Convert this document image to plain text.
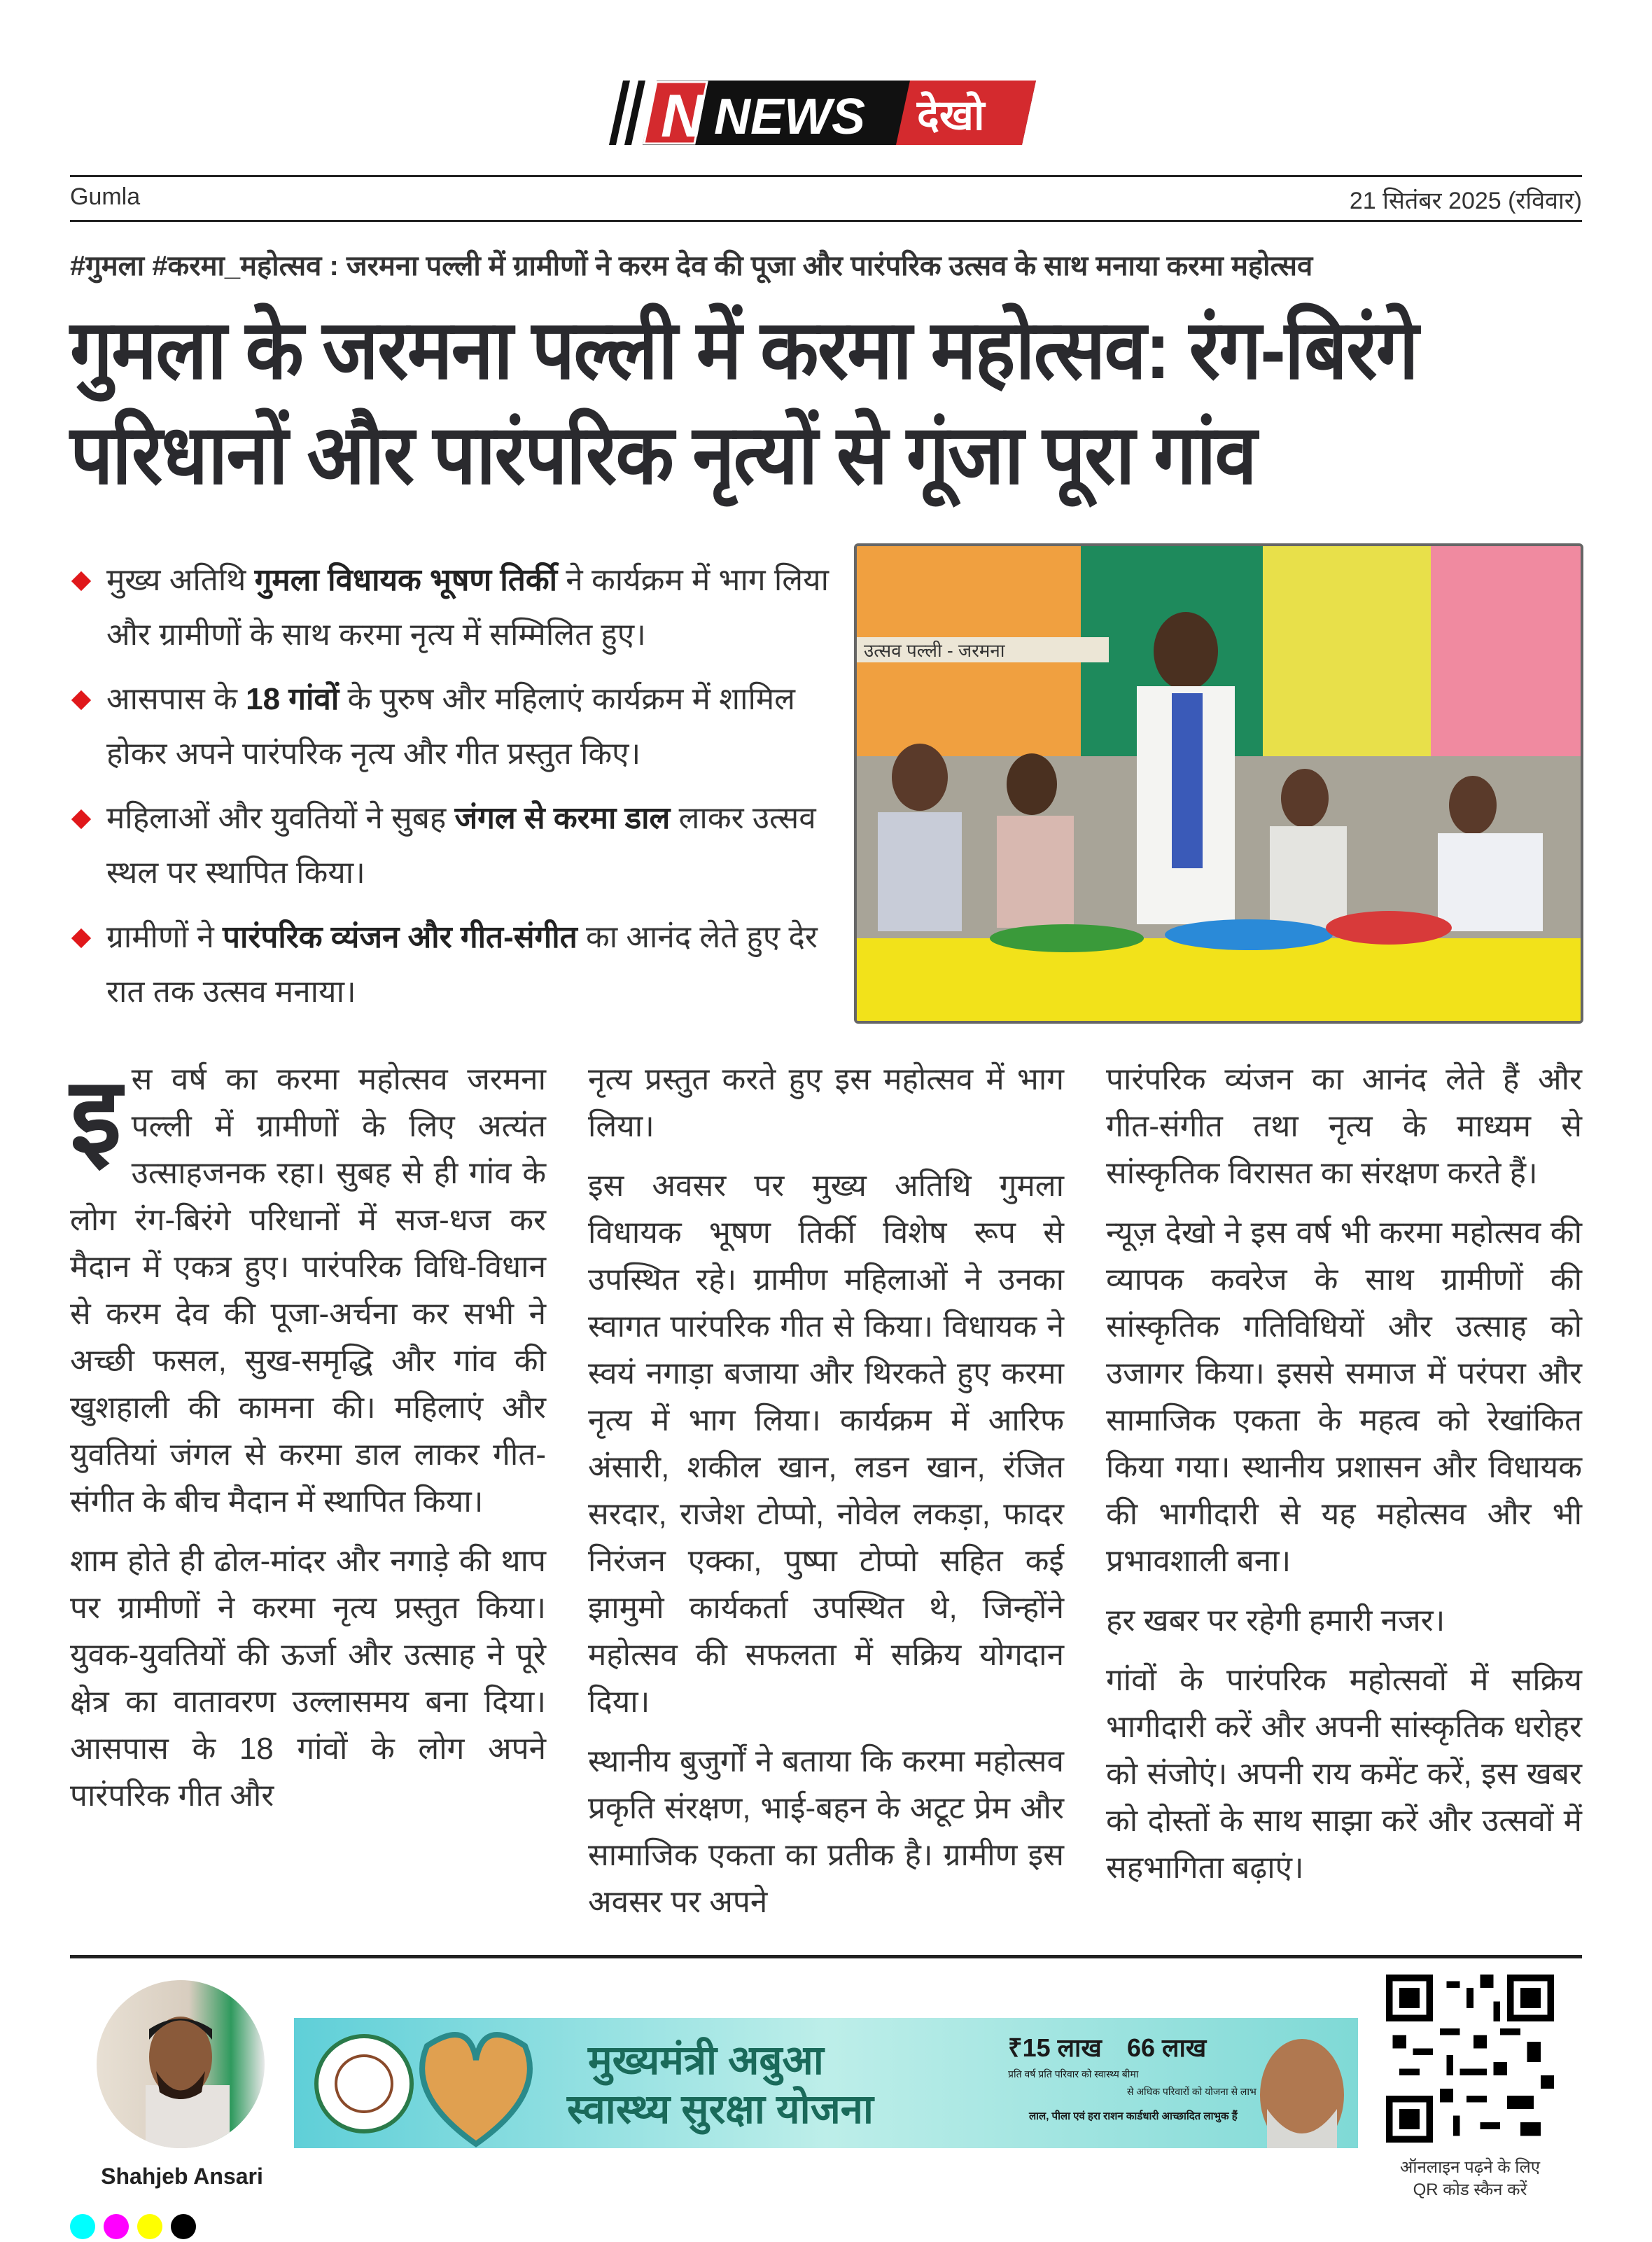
N NEWS देखो
Gumla	21 सितंबर 2025 (रविवार)
#गुमला #करमा_महोत्सव : जरमना पल्ली में ग्रामीणों ने करम देव की पूजा और पारंपरिक उत्सव के साथ मनाया करमा महोत्सव
गुमला के जरमना पल्ली में करमा महोत्सव: रंग-बिरंगे
परिधानों और पारंपरिक नृत्यों से गूंजा पूरा गांव
मुख्य अतिथि गुमला विधायक भूषण तिर्की ने कार्यक्रम में भाग लिया और ग्रामीणों के साथ करमा नृत्य में सम्मिलित हुए।
आसपास के 18 गांवों के पुरुष और महिलाएं कार्यक्रम में शामिल होकर अपने पारंपरिक नृत्य और गीत प्रस्तुत किए।
महिलाओं और युवतियों ने सुबह जंगल से करमा डाल लाकर उत्सव स्थल पर स्थापित किया।
ग्रामीणों ने पारंपरिक व्यंजन और गीत-संगीत का आनंद लेते हुए देर रात तक उत्सव मनाया।
उत्सव पल्ली - जरमना

इस वर्ष का करमा महोत्सव जरमना पल्ली में ग्रामीणों के लिए अत्यंत उत्साहजनक रहा। सुबह से ही गांव के लोग रंग-बिरंगे परिधानों में सज-धज कर मैदान में एकत्र हुए। पारंपरिक विधि-विधान से करम देव की पूजा-अर्चना कर सभी ने अच्छी फसल, सुख-समृद्धि और गांव की खुशहाली की कामना की। महिलाएं और युवतियां जंगल से करमा डाल लाकर गीत-संगीत के बीच मैदान में स्थापित किया।

शाम होते ही ढोल-मांदर और नगाड़े की थाप पर ग्रामीणों ने करमा नृत्य प्रस्तुत किया। युवक-युवतियों की ऊर्जा और उत्साह ने पूरे क्षेत्र का वातावरण उल्लासमय बना दिया। आसपास के 18 गांवों के लोग अपने पारंपरिक गीत और

नृत्य प्रस्तुत करते हुए इस महोत्सव में भाग लिया।

इस अवसर पर मुख्य अतिथि गुमला विधायक भूषण तिर्की विशेष रूप से उपस्थित रहे। ग्रामीण महिलाओं ने उनका स्वागत पारंपरिक गीत से किया। विधायक ने स्वयं नगाड़ा बजाया और थिरकते हुए करमा नृत्य में भाग लिया। कार्यक्रम में आरिफ अंसारी, शकील खान, लडन खान, रंजित सरदार, राजेश टोप्पो, नोवेल लकड़ा, फादर निरंजन एक्का, पुष्पा टोप्पो सहित कई झामुमो कार्यकर्ता उपस्थित थे, जिन्होंने महोत्सव की सफलता में सक्रिय योगदान दिया।

स्थानीय बुजुर्गों ने बताया कि करमा महोत्सव प्रकृति संरक्षण, भाई-बहन के अटूट प्रेम और सामाजिक एकता का प्रतीक है। ग्रामीण इस अवसर पर अपने

पारंपरिक व्यंजन का आनंद लेते हैं और गीत-संगीत तथा नृत्य के माध्यम से सांस्कृतिक विरासत का संरक्षण करते हैं।

न्यूज़ देखो ने इस वर्ष भी करमा महोत्सव की व्यापक कवरेज के साथ ग्रामीणों की सांस्कृतिक गतिविधियों और उत्साह को उजागर किया। इससे समाज में परंपरा और सामाजिक एकता के महत्व को रेखांकित किया गया। स्थानीय प्रशासन और विधायक की भागीदारी से यह महोत्सव और भी प्रभावशाली बना।

हर खबर पर रहेगी हमारी नजर।

गांवों के पारंपरिक महोत्सवों में सक्रिय भागीदारी करें और अपनी सांस्कृतिक धरोहर को संजोएं। अपनी राय कमेंट करें, इस खबर को दोस्तों के साथ साझा करें और उत्सवों में सहभागिता बढ़ाएं।

Shahjeb Ansari
मुख्यमंत्री अबुआ
स्वास्थ्य सुरक्षा योजना
₹15 लाख
प्रति वर्ष प्रति परिवार को स्वास्थ्य बीमा
66 लाख
से अधिक परिवारों को योजना से लाभ
लाल, पीला एवं हरा राशन कार्डधारी आच्छादित लाभुक हैं
ऑनलाइन पढ़ने के लिए
QR कोड स्कैन करें
